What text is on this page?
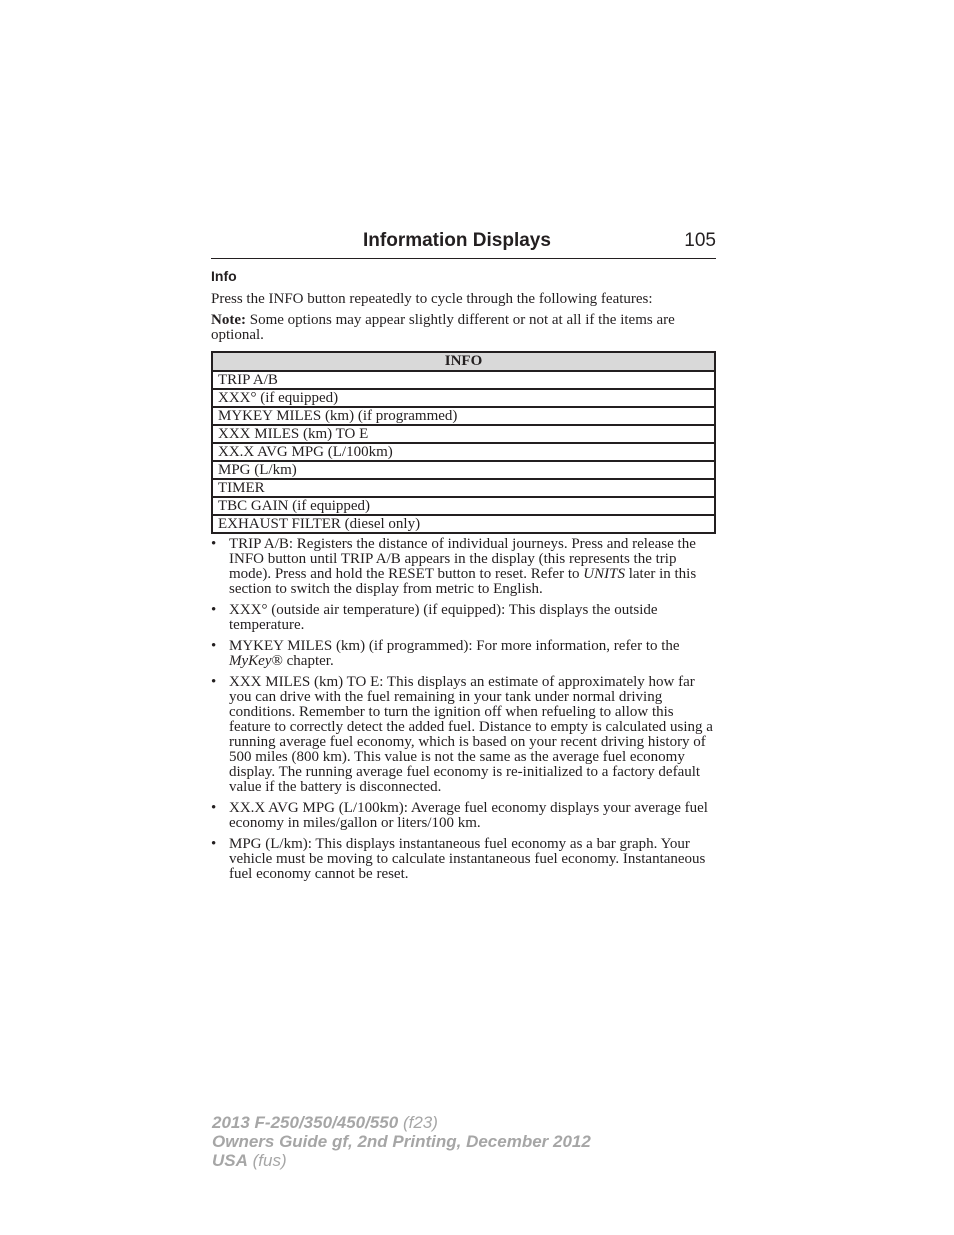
Information Displays	105
Info
Press the INFO button repeatedly to cycle through the following features:
Note: Some options may appear slightly different or not at all if the items are optional.
INFO
TRIP A/B
XXX° (if equipped)
MYKEY MILES (km) (if programmed)
XXX MILES (km) TO E
XX.X AVG MPG (L/100km)
MPG (L/km)
TIMER
TBC GAIN (if equipped)
EXHAUST FILTER (diesel only)
• TRIP A/B: Registers the distance of individual journeys. Press and release the INFO button until TRIP A/B appears in the display (this represents the trip mode). Press and hold the RESET button to reset. Refer to UNITS later in this section to switch the display from metric to English.
• XXX° (outside air temperature) (if equipped): This displays the outside temperature.
• MYKEY MILES (km) (if programmed): For more information, refer to the MyKey® chapter.
• XXX MILES (km) TO E: This displays an estimate of approximately how far you can drive with the fuel remaining in your tank under normal driving conditions. Remember to turn the ignition off when refueling to allow this feature to correctly detect the added fuel. Distance to empty is calculated using a running average fuel economy, which is based on your recent driving history of 500 miles (800 km). This value is not the same as the average fuel economy display. The running average fuel economy is re-initialized to a factory default value if the battery is disconnected.
• XX.X AVG MPG (L/100km): Average fuel economy displays your average fuel economy in miles/gallon or liters/100 km.
• MPG (L/km): This displays instantaneous fuel economy as a bar graph. Your vehicle must be moving to calculate instantaneous fuel economy. Instantaneous fuel economy cannot be reset.
2013 F-250/350/450/550 (f23)
Owners Guide gf, 2nd Printing, December 2012
USA (fus)
